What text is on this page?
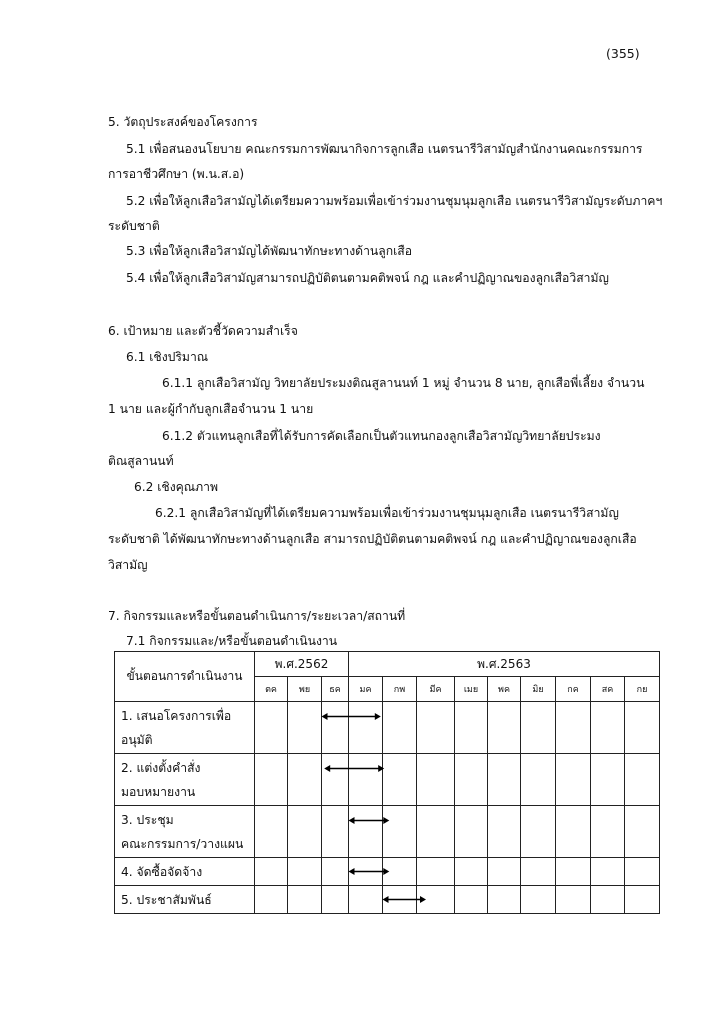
(355)
5. วัตถุประสงค์ของโครงการ
5.1 เพื่อสนองนโยบาย คณะกรรมการพัฒนากิจการลูกเสือ เนตรนารีวิสามัญสำนักงานคณะกรรมการ
การอาชีวศึกษา (พ.น.ส.อ)
5.2 เพื่อให้ลูกเสือวิสามัญได้เตรียมความพร้อมเพื่อเข้าร่วมงานชุมนุมลูกเสือ เนตรนารีวิสามัญระดับภาคฯ
ระดับชาติ
5.3 เพื่อให้ลูกเสือวิสามัญได้พัฒนาทักษะทางด้านลูกเสือ
5.4 เพื่อให้ลูกเสือวิสามัญสามารถปฏิบัติตนตามคติพจน์ กฎ และคำปฏิญาณของลูกเสือวิสามัญ
6. เป้าหมาย และตัวชี้วัดความสำเร็จ
6.1 เชิงปริมาณ
6.1.1 ลูกเสือวิสามัญ วิทยาลัยประมงติณสูลานนท์ 1 หมู่ จำนวน 8 นาย, ลูกเสือพี่เลี้ยง จำนวน
1 นาย และผู้กำกับลูกเสือจำนวน 1 นาย
6.1.2 ตัวแทนลูกเสือที่ได้รับการคัดเลือกเป็นตัวแทนกองลูกเสือวิสามัญวิทยาลัยประมง
ติณสูลานนท์
6.2 เชิงคุณภาพ
6.2.1 ลูกเสือวิสามัญที่ได้เตรียมความพร้อมเพื่อเข้าร่วมงานชุมนุมลูกเสือ เนตรนารีวิสามัญ
ระดับชาติ ได้พัฒนาทักษะทางด้านลูกเสือ สามารถปฏิบัติตนตามคติพจน์ กฎ และคำปฏิญาณของลูกเสือ
วิสามัญ
7. กิจกรรมและหรือขั้นตอนดำเนินการ/ระยะเวลา/สถานที่
7.1 กิจกรรมและ/หรือขั้นตอนดำเนินงาน
ขั้นตอนการดำเนินงาน	พ.ศ.2562			พ.ศ.2563								
	ตค	พย	ธค	มค	กพ	มีค	เมย	พค	มิย	กค	สค	กย

1. เสนอโครงการเพื่อ
อนุมัติ												

2. แต่งตั้งคำสั่ง
มอบหมายงาน												

3. ประชุม
คณะกรรมการ/วางแผน												

4. จัดซื้อจัดจ้าง												

5. ประชาสัมพันธ์												
